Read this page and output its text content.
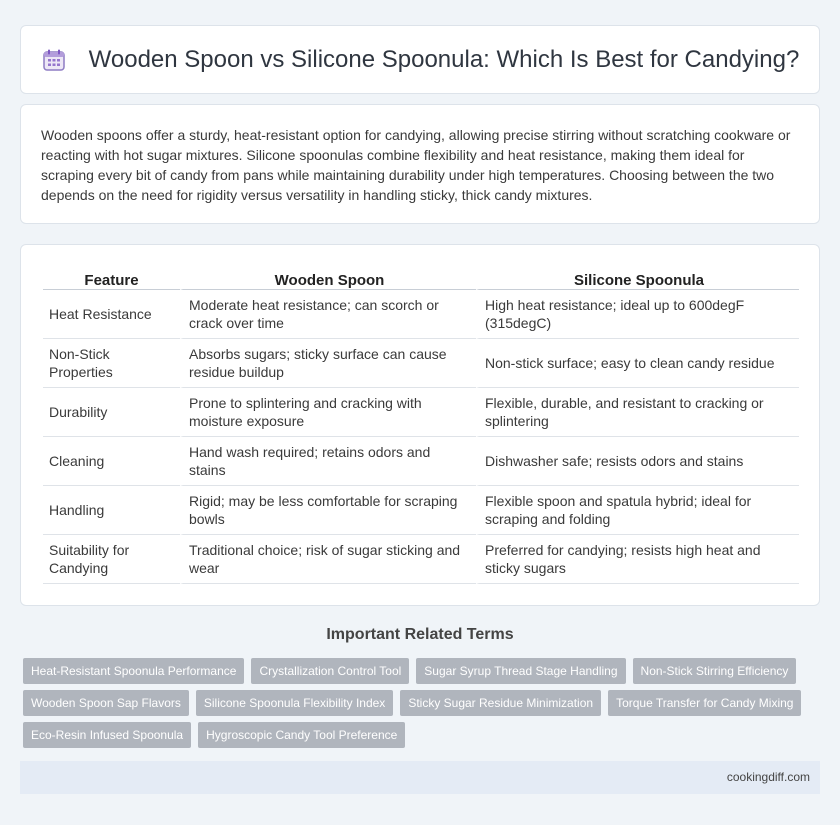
Wooden Spoon vs Silicone Spoonula: Which Is Best for Candying?

Wooden spoons offer a sturdy, heat-resistant option for candying, allowing precise stirring without scratching cookware or reacting with hot sugar mixtures. Silicone spoonulas combine flexibility and heat resistance, making them ideal for scraping every bit of candy from pans while maintaining durability under high temperatures. Choosing between the two depends on the need for rigidity versus versatility in handling sticky, thick candy mixtures.

Feature	Wooden Spoon	Silicone Spoonula
Heat Resistance	Moderate heat resistance; can scorch or crack over time	High heat resistance; ideal up to 600degF (315degC)
Non-Stick Properties	Absorbs sugars; sticky surface can cause residue buildup	Non-stick surface; easy to clean candy residue
Durability	Prone to splintering and cracking with moisture exposure	Flexible, durable, and resistant to cracking or splintering
Cleaning	Hand wash required; retains odors and stains	Dishwasher safe; resists odors and stains
Handling	Rigid; may be less comfortable for scraping bowls	Flexible spoon and spatula hybrid; ideal for scraping and folding
Suitability for Candying	Traditional choice; risk of sugar sticking and wear	Preferred for candying; resists high heat and sticky sugars
Important Related Terms
Heat-Resistant Spoonula Performance	Crystallization Control Tool	Sugar Syrup Thread Stage Handling	Non-Stick Stirring Efficiency
Wooden Spoon Sap Flavors	Silicone Spoonula Flexibility Index	Sticky Sugar Residue Minimization	Torque Transfer for Candy Mixing
Eco-Resin Infused Spoonula	Hygroscopic Candy Tool Preference
cookingdiff.com
